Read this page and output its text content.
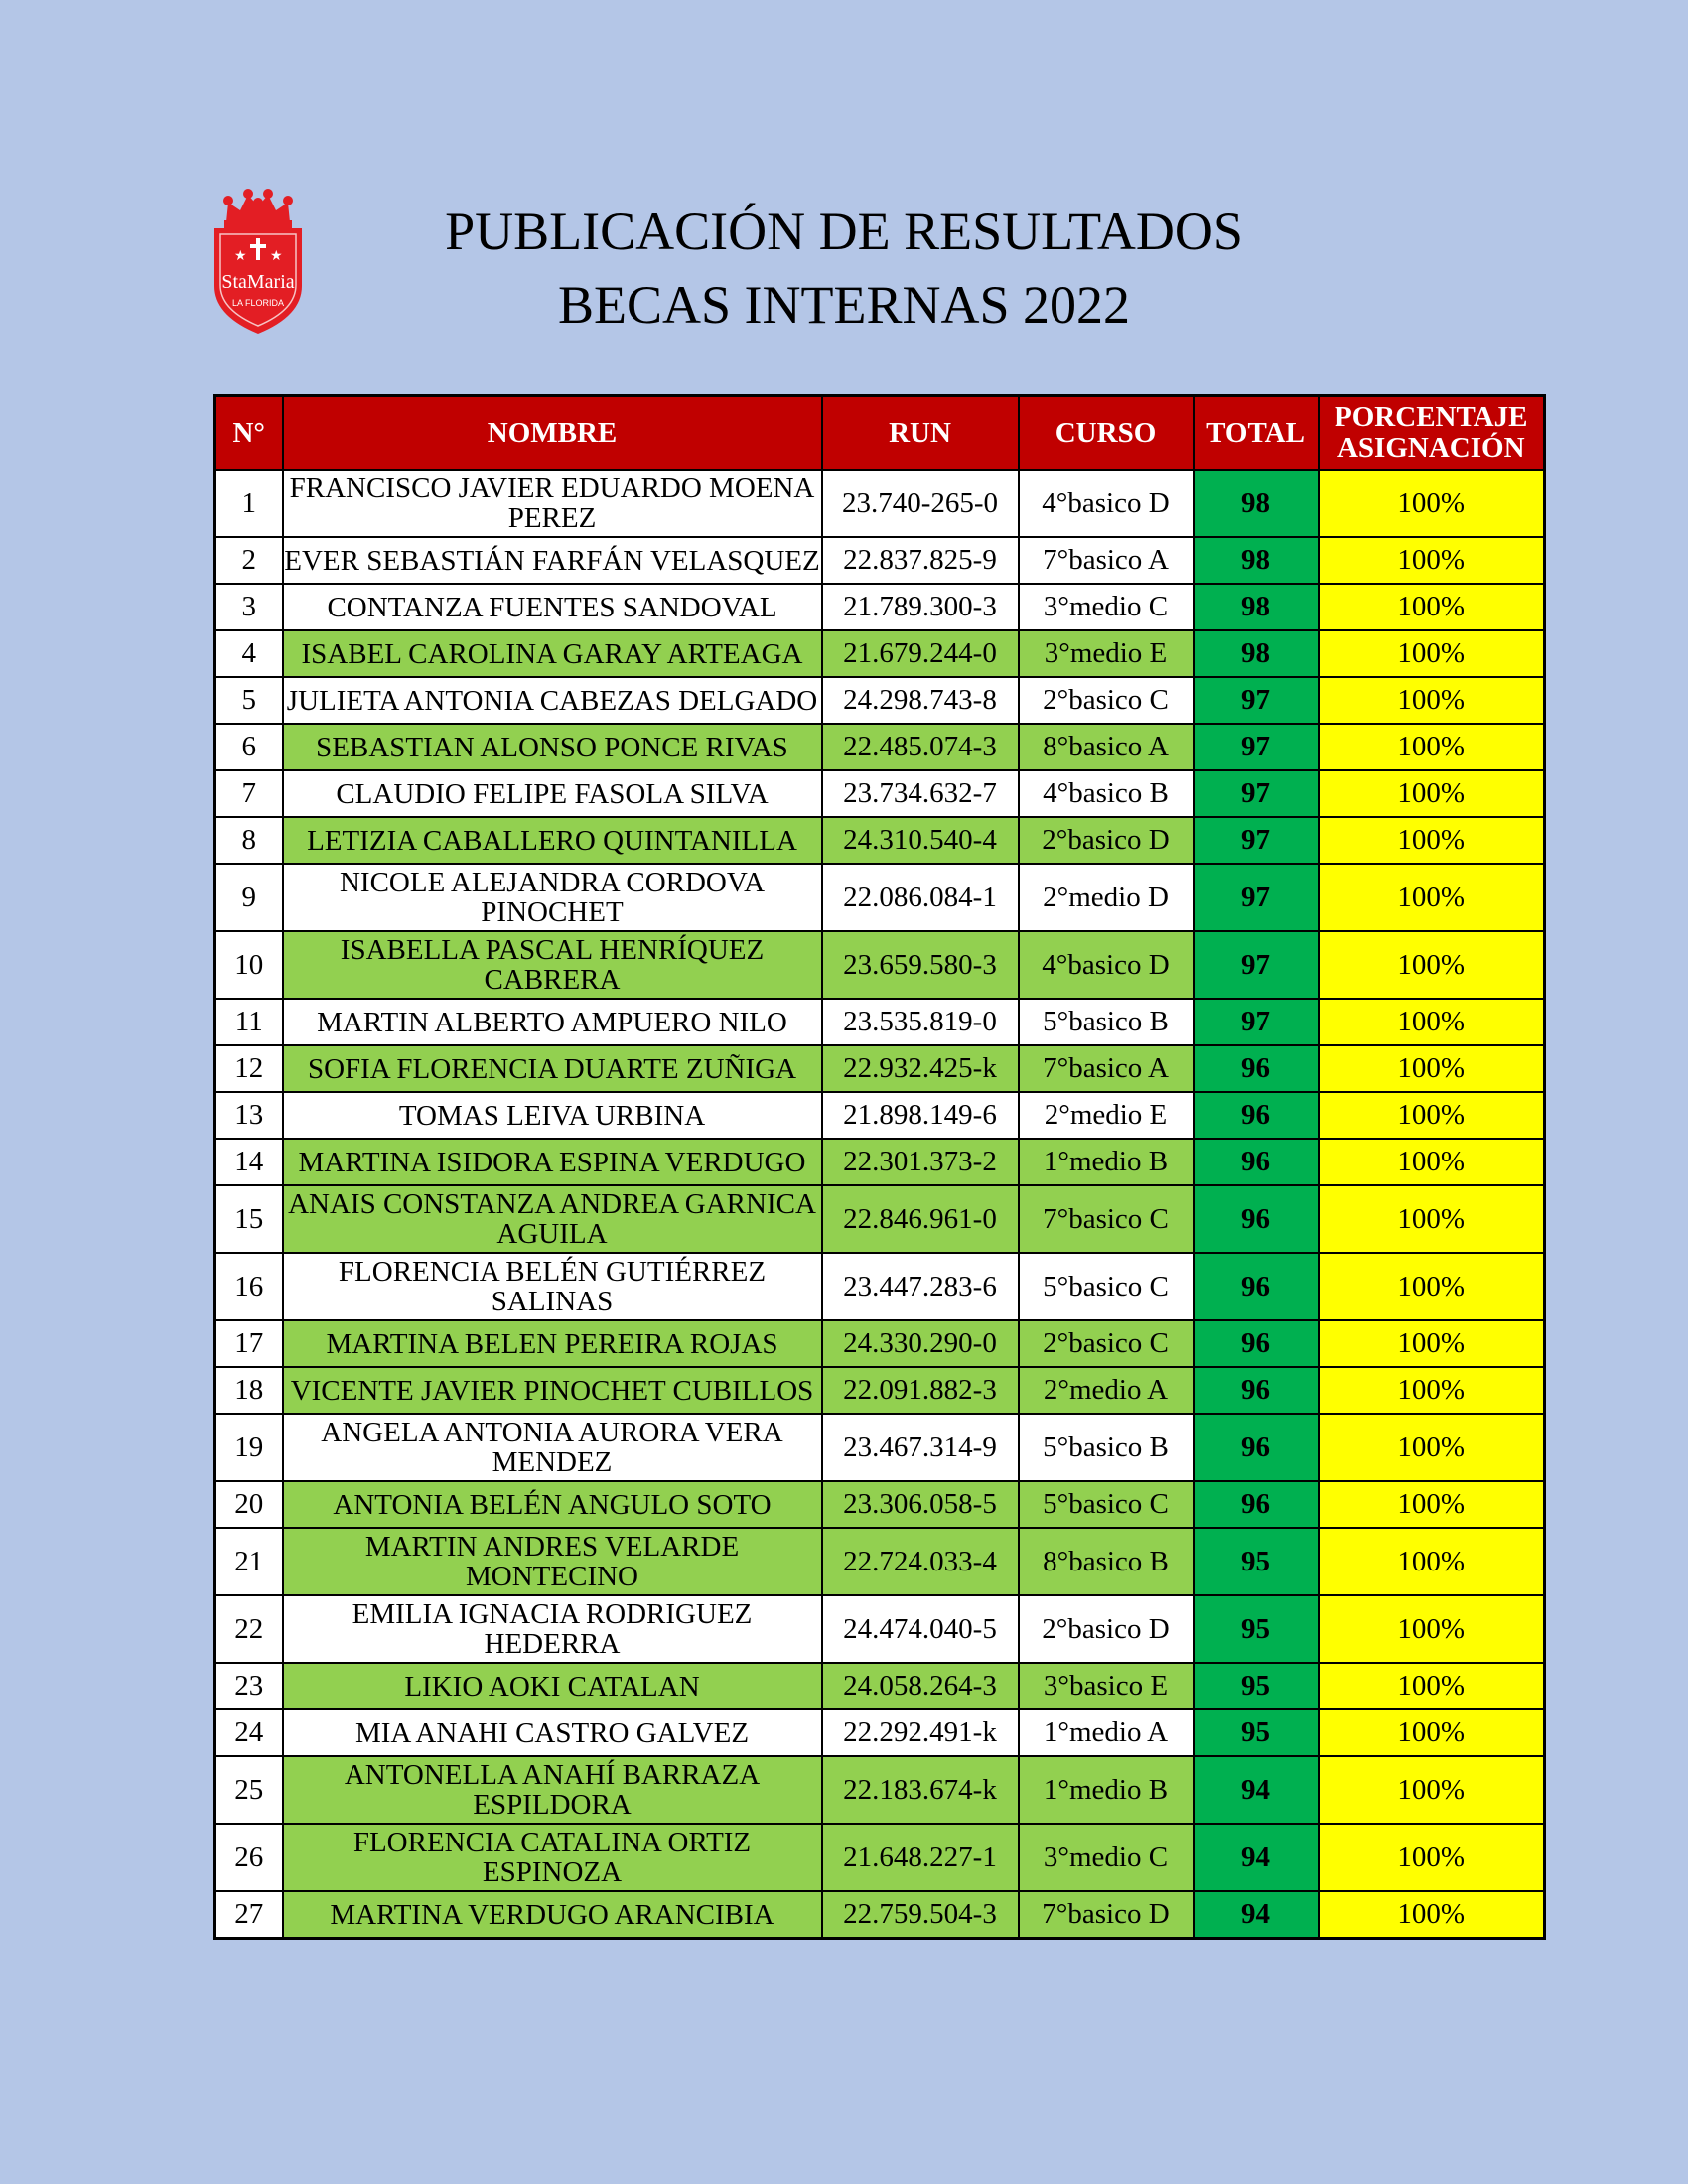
★ ★
StaMaria
LA FLORIDA
PUBLICACIÓN DE RESULTADOS
BECAS INTERNAS 2022
N°	NOMBRE	RUN	CURSO	TOTAL	PORCENTAJE
ASIGNACIÓN

1	FRANCISCO JAVIER EDUARDO MOENA PEREZ	23.740-265-0	4°basico D	98	100%
2	EVER SEBASTIÁN FARFÁN VELASQUEZ	22.837.825-9	7°basico A	98	100%
3	CONTANZA FUENTES SANDOVAL	21.789.300-3	3°medio C	98	100%
4	ISABEL CAROLINA GARAY ARTEAGA	21.679.244-0	3°medio E	98	100%
5	JULIETA ANTONIA CABEZAS DELGADO	24.298.743-8	2°basico C	97	100%
6	SEBASTIAN ALONSO PONCE RIVAS	22.485.074-3	8°basico A	97	100%
7	CLAUDIO FELIPE FASOLA SILVA	23.734.632-7	4°basico B	97	100%
8	LETIZIA CABALLERO QUINTANILLA	24.310.540-4	2°basico D	97	100%
9	NICOLE ALEJANDRA CORDOVA PINOCHET	22.086.084-1	2°medio D	97	100%
10	ISABELLA PASCAL HENRÍQUEZ CABRERA	23.659.580-3	4°basico D	97	100%
11	MARTIN ALBERTO AMPUERO NILO	23.535.819-0	5°basico B	97	100%
12	SOFIA FLORENCIA DUARTE ZUÑIGA	22.932.425-k	7°basico A	96	100%
13	TOMAS LEIVA URBINA	21.898.149-6	2°medio E	96	100%
14	MARTINA ISIDORA ESPINA VERDUGO	22.301.373-2	1°medio B	96	100%
15	ANAIS CONSTANZA ANDREA GARNICA AGUILA	22.846.961-0	7°basico C	96	100%
16	FLORENCIA BELÉN GUTIÉRREZ SALINAS	23.447.283-6	5°basico C	96	100%
17	MARTINA BELEN PEREIRA ROJAS	24.330.290-0	2°basico C	96	100%
18	VICENTE JAVIER PINOCHET CUBILLOS	22.091.882-3	2°medio A	96	100%
19	ANGELA ANTONIA AURORA VERA MENDEZ	23.467.314-9	5°basico B	96	100%
20	ANTONIA BELÉN ANGULO SOTO	23.306.058-5	5°basico C	96	100%
21	MARTIN ANDRES VELARDE MONTECINO	22.724.033-4	8°basico B	95	100%
22	EMILIA IGNACIA RODRIGUEZ HEDERRA	24.474.040-5	2°basico D	95	100%
23	LIKIO AOKI CATALAN	24.058.264-3	3°basico E	95	100%
24	MIA ANAHI CASTRO GALVEZ	22.292.491-k	1°medio A	95	100%
25	ANTONELLA ANAHÍ BARRAZA ESPILDORA	22.183.674-k	1°medio B	94	100%
26	FLORENCIA CATALINA ORTIZ ESPINOZA	21.648.227-1	3°medio C	94	100%
27	MARTINA VERDUGO ARANCIBIA	22.759.504-3	7°basico D	94	100%
